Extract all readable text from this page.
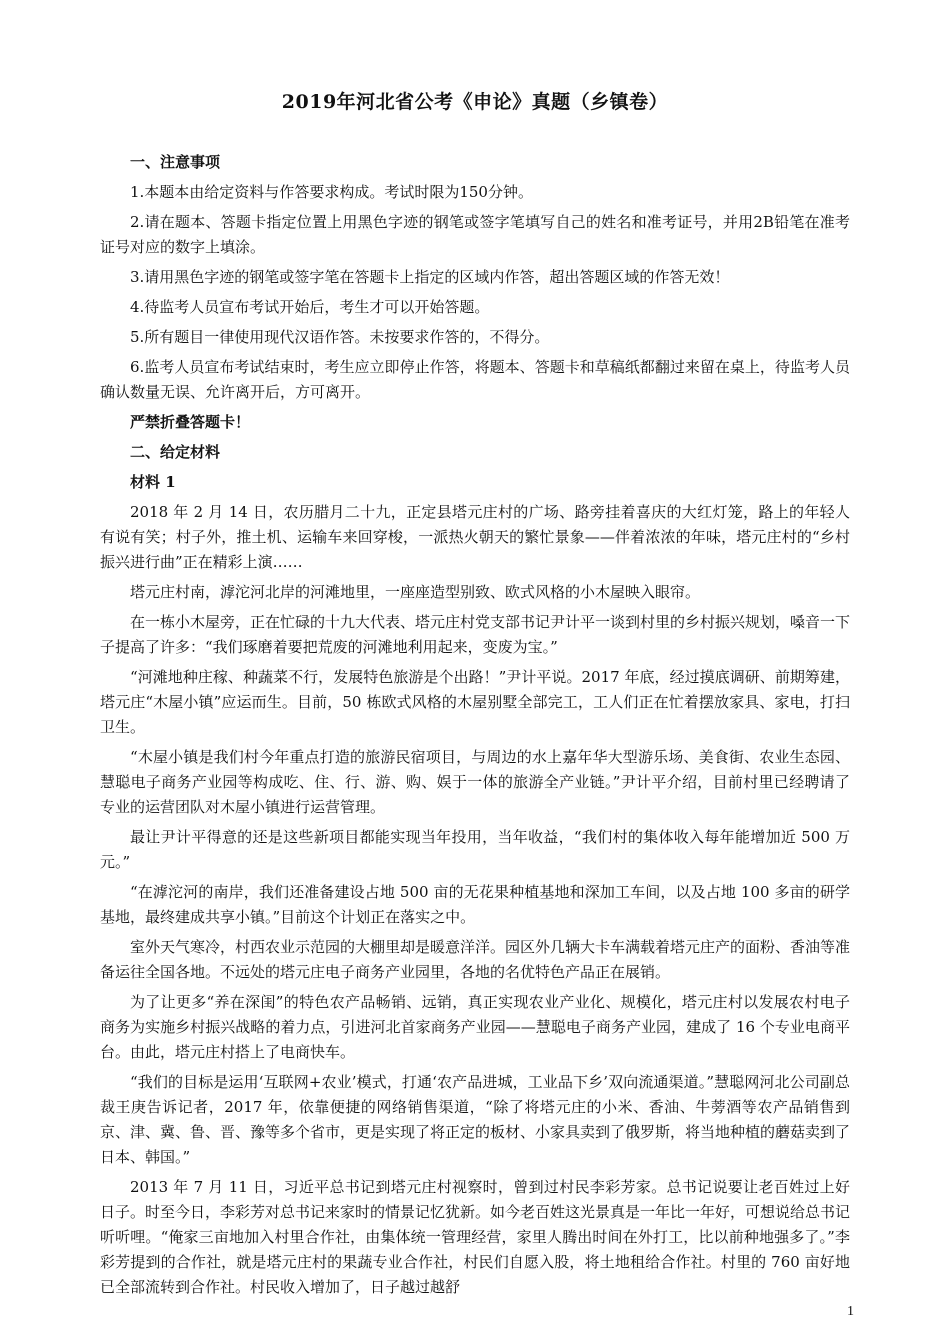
2019年河北省公考《申论》真题（乡镇卷）

一、注意事项

1.本题本由给定资料与作答要求构成。考试时限为150分钟。

2.请在题本、答题卡指定位置上用黑色字迹的钢笔或签字笔填写自己的姓名和准考证号，并用2B铅笔在准考证号对应的数字上填涂。

3.请用黑色字迹的钢笔或签字笔在答题卡上指定的区域内作答，超出答题区域的作答无效！

4.待监考人员宣布考试开始后，考生才可以开始答题。

5.所有题目一律使用现代汉语作答。未按要求作答的，不得分。

6.监考人员宣布考试结束时，考生应立即停止作答，将题本、答题卡和草稿纸都翻过来留在桌上，待监考人员确认数量无误、允许离开后，方可离开。

严禁折叠答题卡！

二、给定材料

材料 1

2018 年 2 月 14 日，农历腊月二十九，正定县塔元庄村的广场、路旁挂着喜庆的大红灯笼，路上的年轻人有说有笑；村子外，推土机、运输车来回穿梭，一派热火朝天的繁忙景象——伴着浓浓的年味，塔元庄村的“乡村振兴进行曲”正在精彩上演……

塔元庄村南，滹沱河北岸的河滩地里，一座座造型别致、欧式风格的小木屋映入眼帘。

在一栋小木屋旁，正在忙碌的十九大代表、塔元庄村党支部书记尹计平一谈到村里的乡村振兴规划，嗓音一下子提高了许多：“我们琢磨着要把荒废的河滩地利用起来，变废为宝。”

“河滩地种庄稼、种蔬菜不行，发展特色旅游是个出路！”尹计平说。2017 年底，经过摸底调研、前期筹建，塔元庄“木屋小镇”应运而生。目前，50 栋欧式风格的木屋别墅全部完工，工人们正在忙着摆放家具、家电，打扫卫生。

“木屋小镇是我们村今年重点打造的旅游民宿项目，与周边的水上嘉年华大型游乐场、美食街、农业生态园、慧聪电子商务产业园等构成吃、住、行、游、购、娱于一体的旅游全产业链。”尹计平介绍，目前村里已经聘请了专业的运营团队对木屋小镇进行运营管理。

最让尹计平得意的还是这些新项目都能实现当年投用，当年收益，“我们村的集体收入每年能增加近 500 万元。”

“在滹沱河的南岸，我们还准备建设占地 500 亩的无花果种植基地和深加工车间，以及占地 100 多亩的研学基地，最终建成共享小镇。”目前这个计划正在落实之中。

室外天气寒冷，村西农业示范园的大棚里却是暖意洋洋。园区外几辆大卡车满载着塔元庄产的面粉、香油等准备运往全国各地。不远处的塔元庄电子商务产业园里，各地的名优特色产品正在展销。

为了让更多“养在深闺”的特色农产品畅销、远销，真正实现农业产业化、规模化，塔元庄村以发展农村电子商务为实施乡村振兴战略的着力点，引进河北首家商务产业园——慧聪电子商务产业园，建成了 16 个专业电商平台。由此，塔元庄村搭上了电商快车。

“我们的目标是运用‘互联网+农业’模式，打通‘农产品进城，工业品下乡’双向流通渠道。”慧聪网河北公司副总裁王庚告诉记者，2017 年，依靠便捷的网络销售渠道，“除了将塔元庄的小米、香油、牛蒡酒等农产品销售到京、津、冀、鲁、晋、豫等多个省市，更是实现了将正定的板材、小家具卖到了俄罗斯，将当地种植的蘑菇卖到了日本、韩国。”

2013 年 7 月 11 日，习近平总书记到塔元庄村视察时，曾到过村民李彩芳家。总书记说要让老百姓过上好日子。时至今日，李彩芳对总书记来家时的情景记忆犹新。如今老百姓这光景真是一年比一年好，可想说给总书记听听哩。“俺家三亩地加入村里合作社，由集体统一管理经营，家里人腾出时间在外打工，比以前种地强多了。”李彩芳提到的合作社，就是塔元庄村的果蔬专业合作社，村民们自愿入股，将土地租给合作社。村里的 760 亩好地已全部流转到合作社。村民收入增加了，日子越过越舒

1
